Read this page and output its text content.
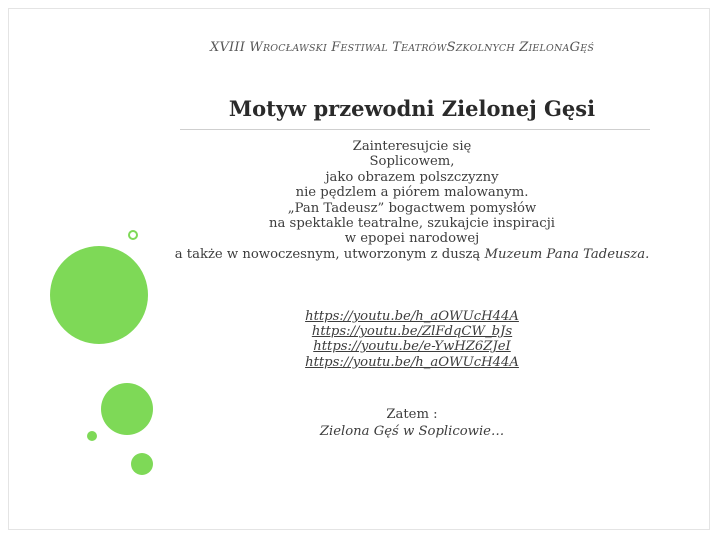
XVIII WROCŁAWSKI FESTIWAL TEATRÓWSZKOLNYCH ZIELONAGĘŚ
Motyw przewodni Zielonej Gęsi
Zainteresujcie się
Soplicowem,
jako obrazem polszczyzny
nie pędzlem a piórem malowanym.
„Pan Tadeusz” bogactwem pomysłów
na spektakle teatralne, szukajcie inspiracji
w epopei narodowej
a także w nowoczesnym, utworzonym z duszą Muzeum Pana Tadeusza.
https://youtu.be/h_aOWUcH44A
https://youtu.be/ZlFdqCW_bJs
https://youtu.be/e-YwHZ6ZJeI
https://youtu.be/h_aOWUcH44A
Zatem :
Zielona Gęś w Soplicowie…
